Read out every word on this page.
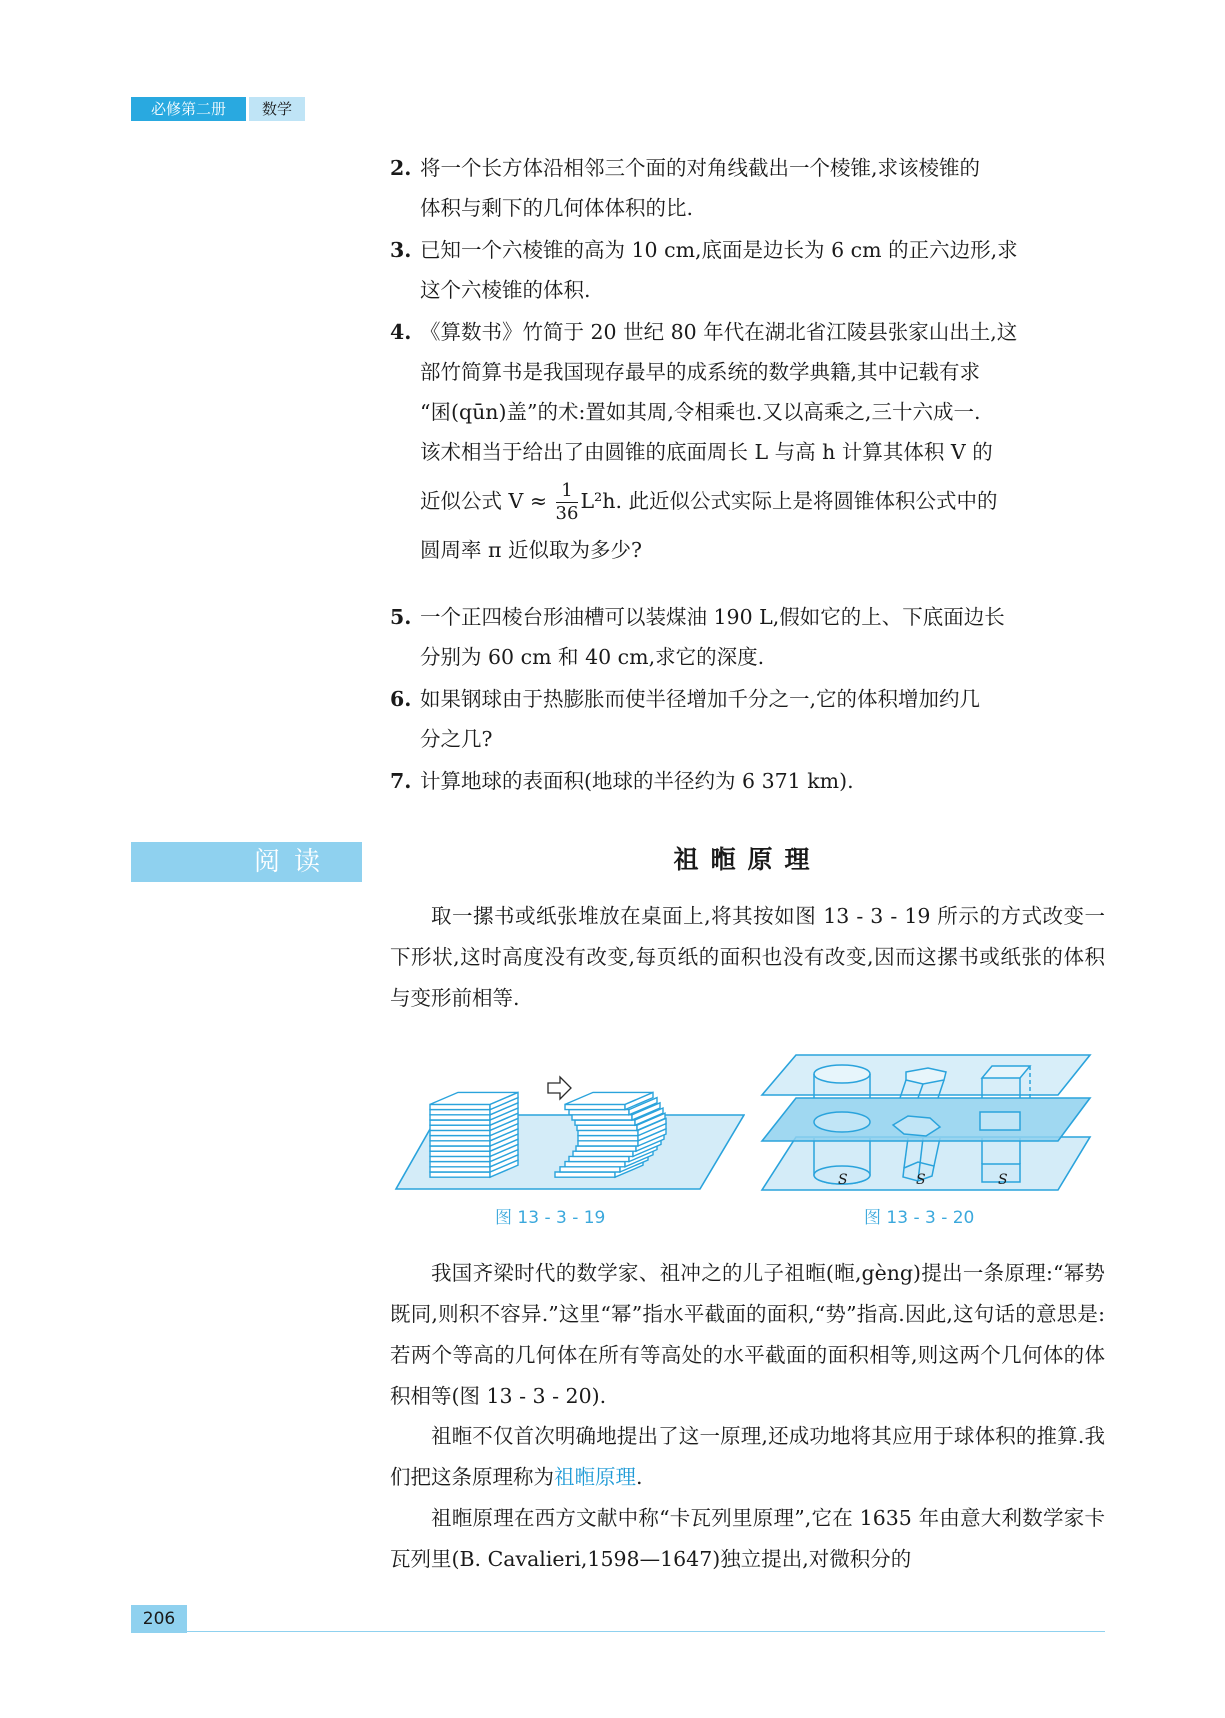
必修第二册	数学
2. 将一个长方体沿相邻三个面的对角线截出一个棱锥,求该棱锥的
体积与剩下的几何体体积的比.
3. 已知一个六棱锥的高为 10 cm,底面是边长为 6 cm 的正六边形,求
这个六棱锥的体积.
4. 《算数书》竹简于 20 世纪 80 年代在湖北省江陵县张家山出土,这
部竹简算书是我国现存最早的成系统的数学典籍,其中记载有求
“囷(qūn)盖”的术:置如其周,令相乘也.又以高乘之,三十六成一.
该术相当于给出了由圆锥的底面周长 L 与高 h 计算其体积 V 的
近似公式 $V \approx \frac{1}{36} L^2h$. 此近似公式实际上是将圆锥体积公式中的
圆周率 π 近似取为多少?
5. 一个正四棱台形油槽可以装煤油 190 L,假如它的上、下底面边长
分别为 60 cm 和 40 cm,求它的深度.
6. 如果钢球由于热膨胀而使半径增加千分之一,它的体积增加约几
分之几?
7. 计算地球的表面积(地球的半径约为 6 371 km).
阅读	祖暅原理
取一摞书或纸张堆放在桌面上,将其按如图 13 - 3 - 19 所示的方式改变一下形状,这时高度没有改变,每页纸的面积也没有改变,因而这摞书或纸张的体积与变形前相等.
图 13 - 3 - 19
S	S	S
图 13 - 3 - 20
我国齐梁时代的数学家、祖冲之的儿子祖暅(暅,gèng)提出一条原理:“幂势既同,则积不容异.”这里“幂”指水平截面的面积,“势”指高.因此,这句话的意思是:若两个等高的几何体在所有等高处的水平截面的面积相等,则这两个几何体的体积相等(图 13 - 3 - 20).
祖暅不仅首次明确地提出了这一原理,还成功地将其应用于球体积的推算.我们把这条原理称为祖暅原理.
祖暅原理在西方文献中称“卡瓦列里原理”,它在 1635 年由意大利数学家卡瓦列里(B. Cavalieri,1598—1647)独立提出,对微积分的
206
